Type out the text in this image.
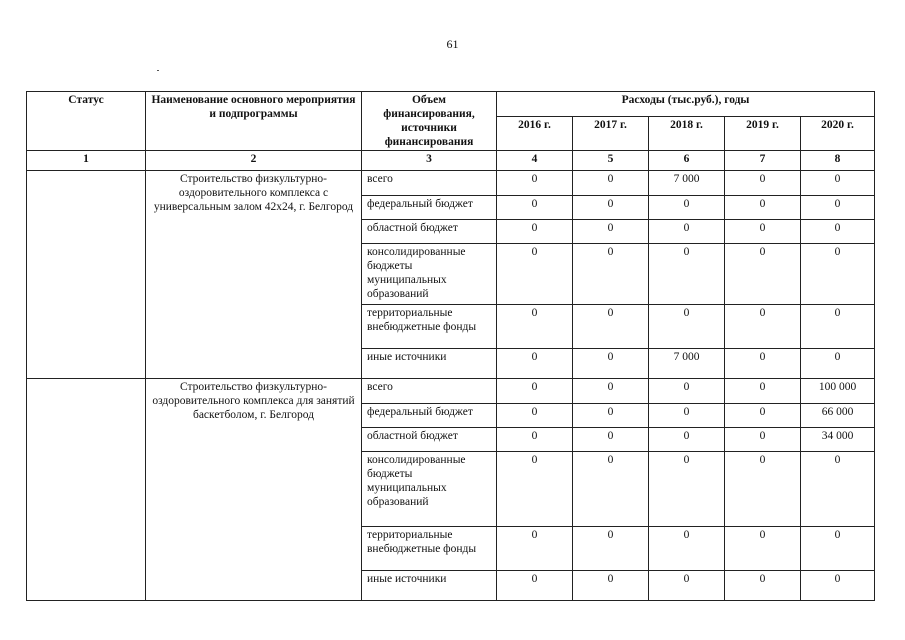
61
Статус	Наименование основного мероприятия и подпрограммы	Объем финансирования, источники финансирования	Расходы (тыс.руб.), годы				
			2016 г.	2017 г.	2018 г.	2019 г.	2020 г.
1	2	3	4	5	6	7	8
	Строительство физкультурно-оздоровительного комплекса с универсальным залом 42х24, г. Белгород	всего	0	0	7 000	0	0
		федеральный бюджет	0	0	0	0	0
		областной бюджет	0	0	0	0	0
		консолидированные бюджеты муниципальных образований	0	0	0	0	0
		территориальные внебюджетные фонды	0	0	0	0	0
		иные источники	0	0	7 000	0	0
	Строительство физкультурно-оздоровительного комплекса для занятий баскетболом, г. Белгород	всего	0	0	0	0	100 000
		федеральный бюджет	0	0	0	0	66 000
		областной бюджет	0	0	0	0	34 000
		консолидированные бюджеты муниципальных образований	0	0	0	0	0
		территориальные внебюджетные фонды	0	0	0	0	0
		иные источники	0	0	0	0	0
